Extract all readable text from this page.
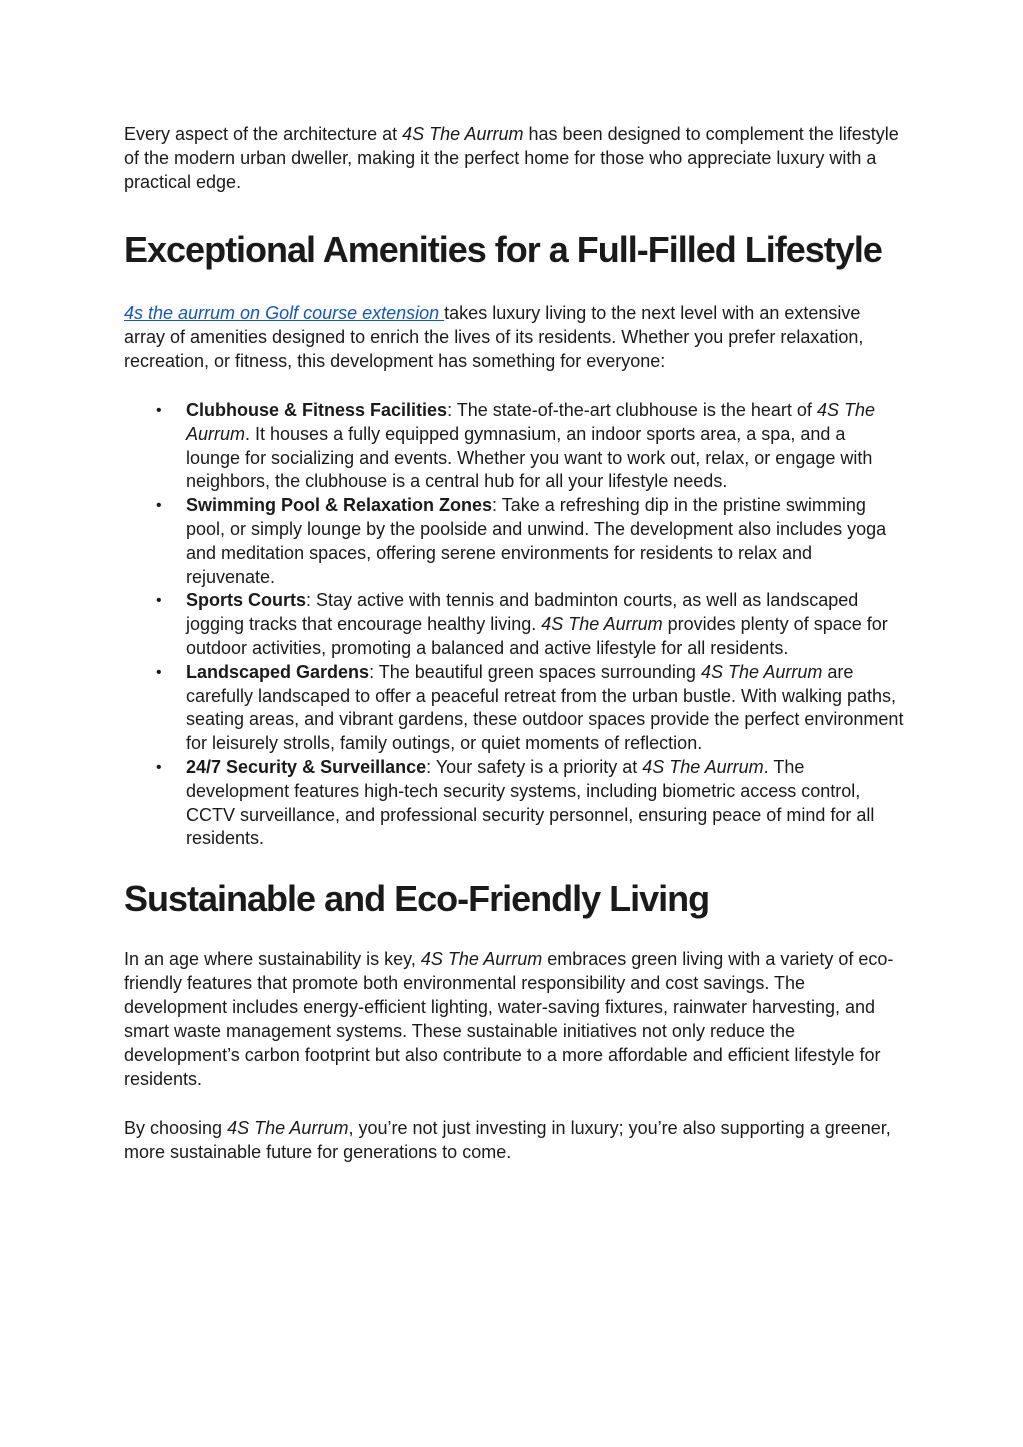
Every aspect of the architecture at 4S The Aurrum has been designed to complement the lifestyle of the modern urban dweller, making it the perfect home for those who appreciate luxury with a practical edge.

Exceptional Amenities for a Full-Filled Lifestyle

4s the aurrum on Golf course extension takes luxury living to the next level with an extensive array of amenities designed to enrich the lives of its residents. Whether you prefer relaxation, recreation, or fitness, this development has something for everyone:

• Clubhouse & Fitness Facilities: The state-of-the-art clubhouse is the heart of 4S The Aurrum. It houses a fully equipped gymnasium, an indoor sports area, a spa, and a lounge for socializing and events. Whether you want to work out, relax, or engage with neighbors, the clubhouse is a central hub for all your lifestyle needs.
• Swimming Pool & Relaxation Zones: Take a refreshing dip in the pristine swimming pool, or simply lounge by the poolside and unwind. The development also includes yoga and meditation spaces, offering serene environments for residents to relax and rejuvenate.
• Sports Courts: Stay active with tennis and badminton courts, as well as landscaped jogging tracks that encourage healthy living. 4S The Aurrum provides plenty of space for outdoor activities, promoting a balanced and active lifestyle for all residents.
• Landscaped Gardens: The beautiful green spaces surrounding 4S The Aurrum are carefully landscaped to offer a peaceful retreat from the urban bustle. With walking paths, seating areas, and vibrant gardens, these outdoor spaces provide the perfect environment for leisurely strolls, family outings, or quiet moments of reflection.
• 24/7 Security & Surveillance: Your safety is a priority at 4S The Aurrum. The development features high-tech security systems, including biometric access control, CCTV surveillance, and professional security personnel, ensuring peace of mind for all residents.
Sustainable and Eco-Friendly Living

In an age where sustainability is key, 4S The Aurrum embraces green living with a variety of eco-friendly features that promote both environmental responsibility and cost savings. The development includes energy-efficient lighting, water-saving fixtures, rainwater harvesting, and smart waste management systems. These sustainable initiatives not only reduce the development’s carbon footprint but also contribute to a more affordable and efficient lifestyle for residents.

By choosing 4S The Aurrum, you’re not just investing in luxury; you’re also supporting a greener, more sustainable future for generations to come.
